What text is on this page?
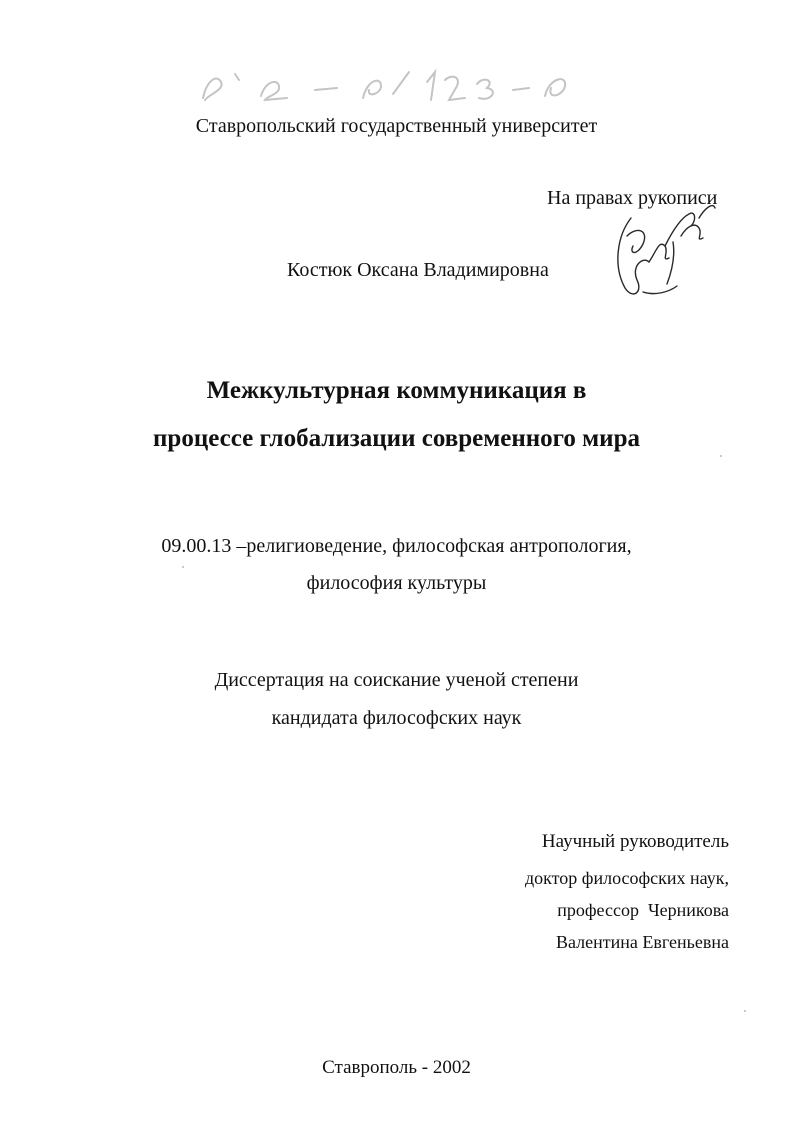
Ставропольский государственный университет
На правах рукописи
Костюк Оксана Владимировна
Межкультурная коммуникация в
процессе глобализации современного мира
09.00.13 –религиоведение, философская антропология,
философия культуры
Диссертация на соискание ученой степени
кандидата философских наук
Научный руководитель
доктор философских наук,
профессор  Черникова
Валентина Евгеньевна
Ставрополь - 2002
